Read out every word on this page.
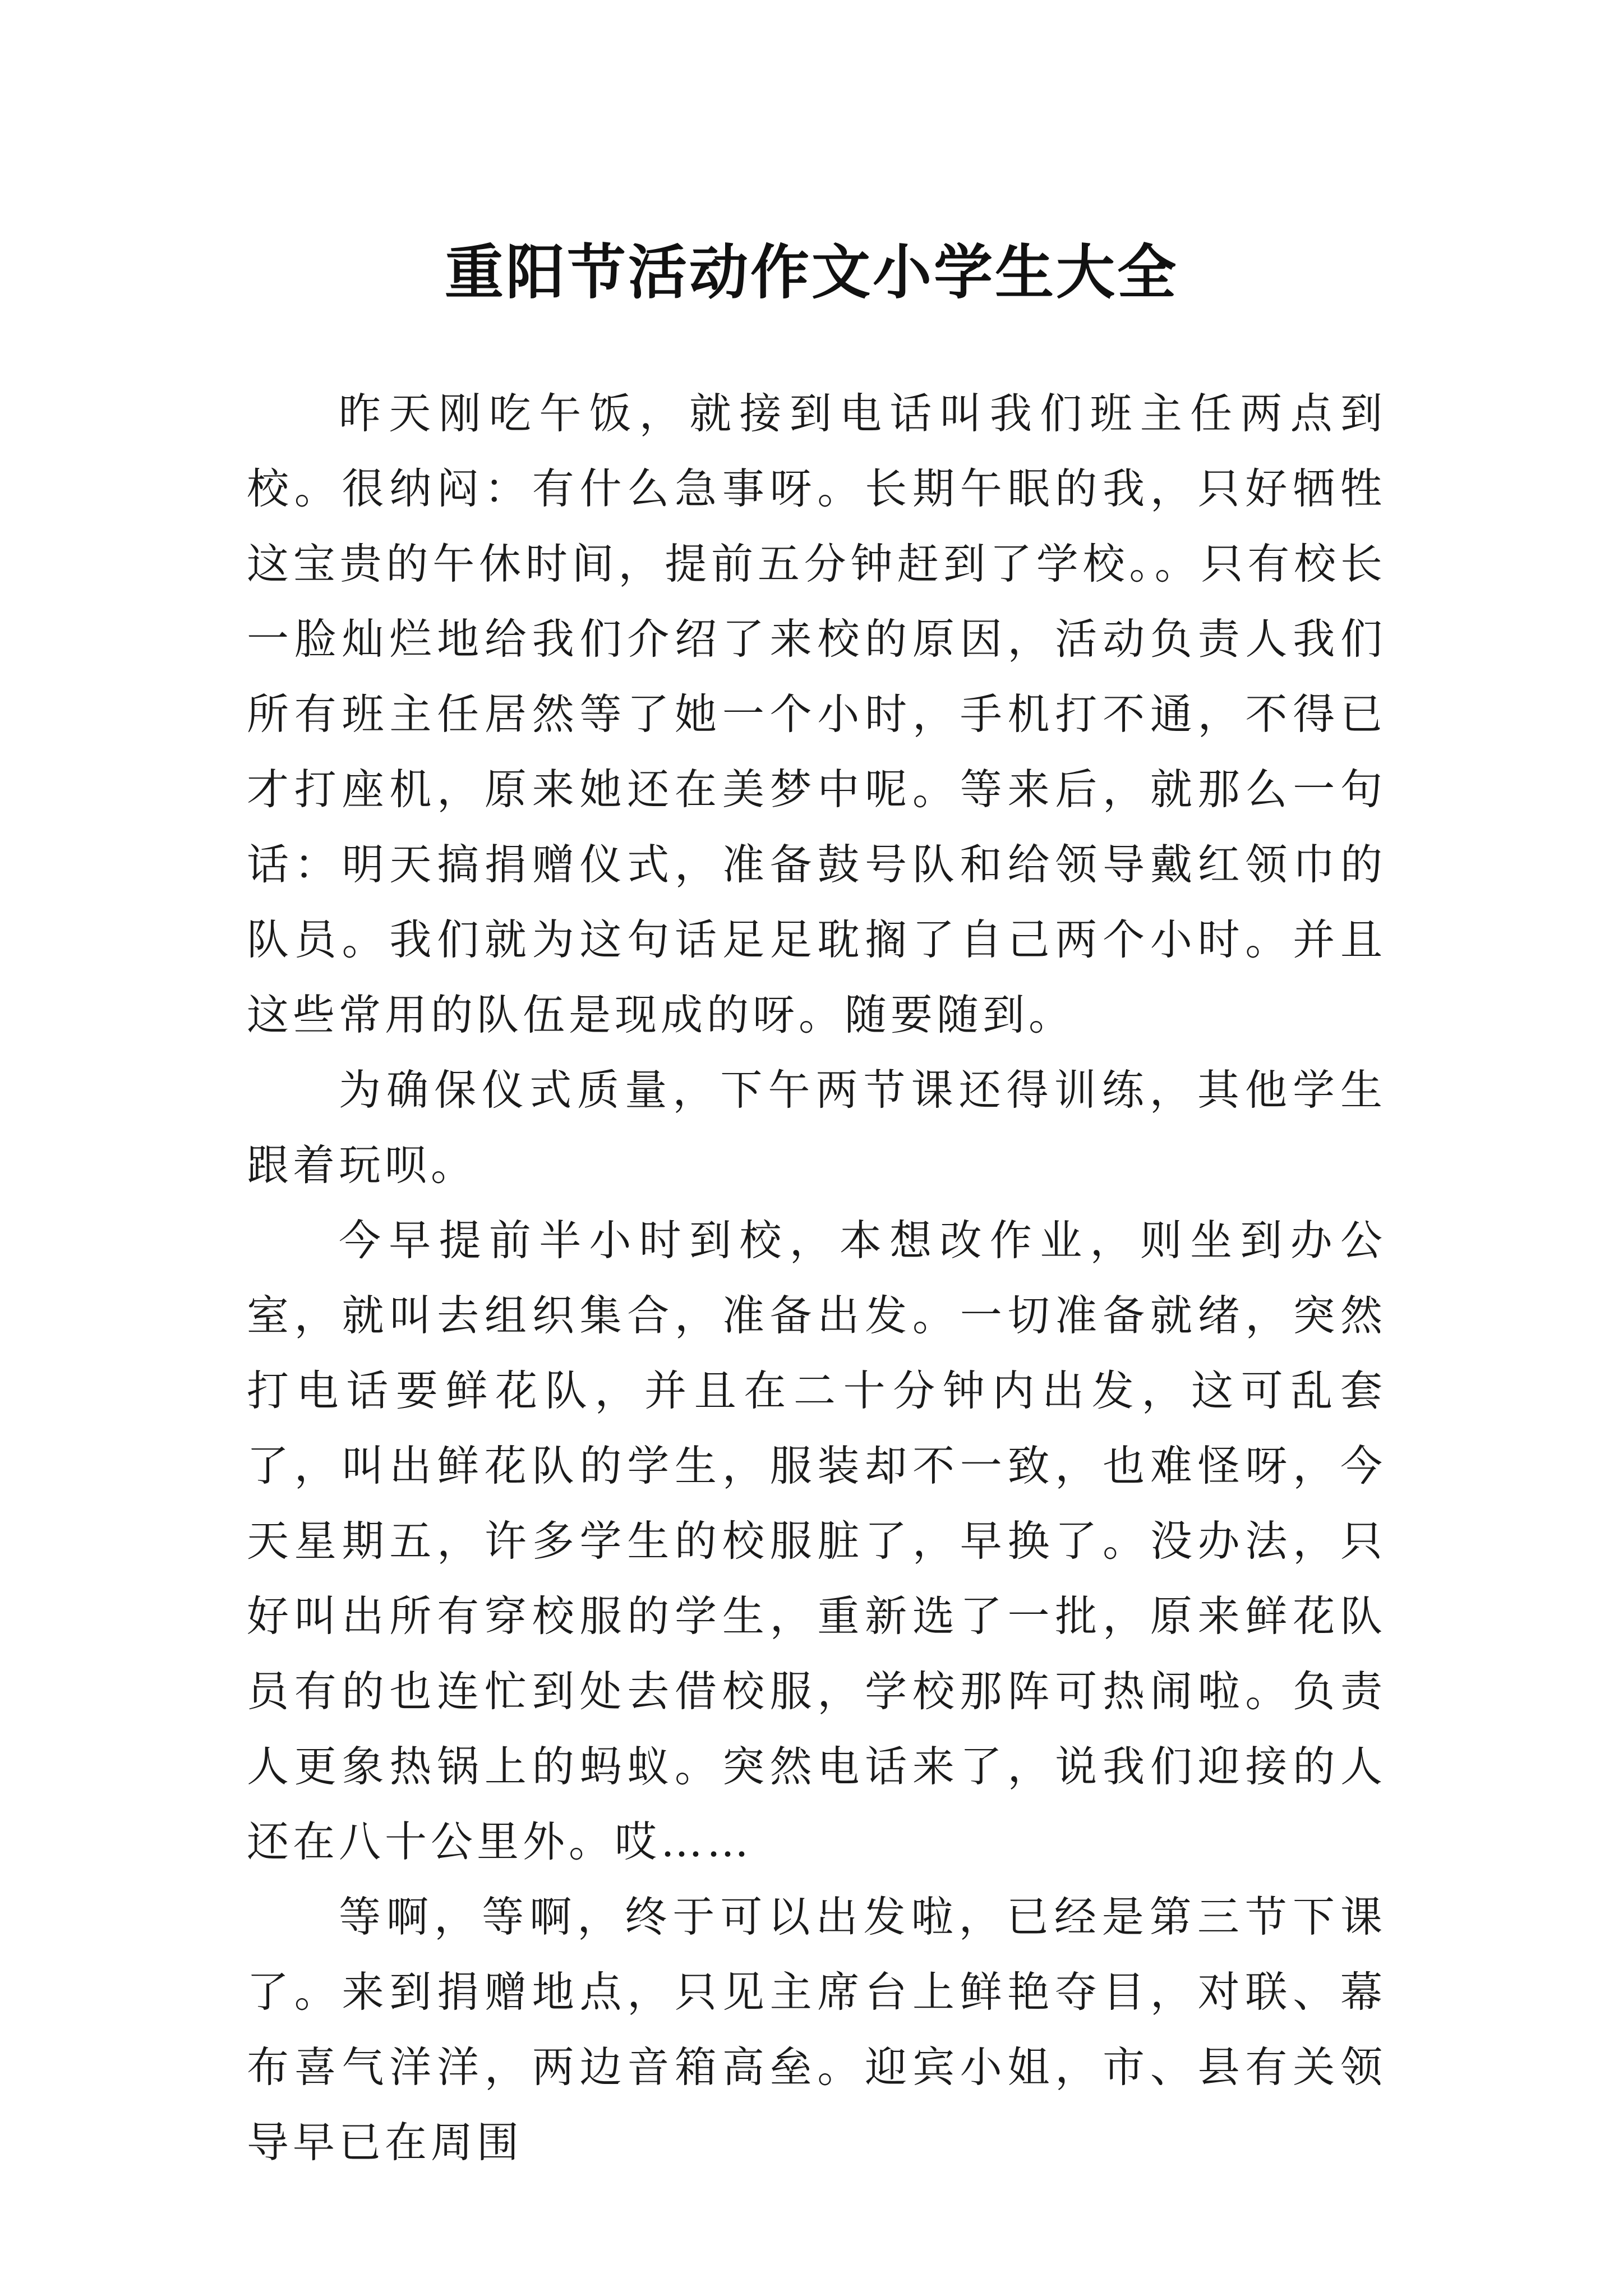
重阳节活动作文小学生大全

昨天刚吃午饭，就接到电话叫我们班主任两点到校。很纳闷：有什么急事呀。长期午眠的我，只好牺牲这宝贵的午休时间，提前五分钟赶到了学校。。只有校长一脸灿烂地给我们介绍了来校的原因，活动负责人我们所有班主任居然等了她一个小时，手机打不通，不得已才打座机，原来她还在美梦中呢。等来后，就那么一句话：明天搞捐赠仪式，准备鼓号队和给领导戴红领巾的队员。我们就为这句话足足耽搁了自己两个小时。并且这些常用的队伍是现成的呀。随要随到。

为确保仪式质量，下午两节课还得训练，其他学生跟着玩呗。

今早提前半小时到校，本想改作业，则坐到办公室，就叫去组织集合，准备出发。一切准备就绪，突然打电话要鲜花队，并且在二十分钟内出发，这可乱套了，叫出鲜花队的学生，服装却不一致，也难怪呀，今天星期五，许多学生的校服脏了，早换了。没办法，只好叫出所有穿校服的学生，重新选了一批，原来鲜花队员有的也连忙到处去借校服，学校那阵可热闹啦。负责人更象热锅上的蚂蚁。突然电话来了，说我们迎接的人还在八十公里外。哎……

等啊，等啊，终于可以出发啦，已经是第三节下课了。来到捐赠地点，只见主席台上鲜艳夺目，对联、幕布喜气洋洋，两边音箱高垒。迎宾小姐，市、县有关领导早已在周围
